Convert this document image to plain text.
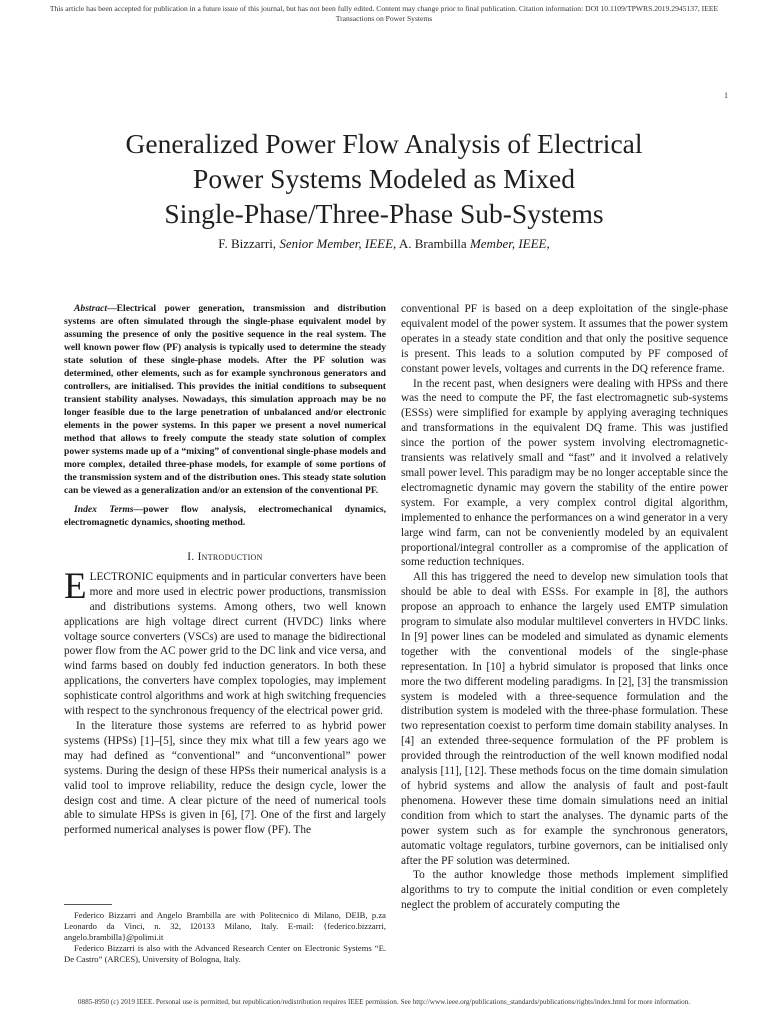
This article has been accepted for publication in a future issue of this journal, but has not been fully edited. Content may change prior to final publication. Citation information: DOI 10.1109/TPWRS.2019.2945137, IEEE Transactions on Power Systems
1
Generalized Power Flow Analysis of Electrical
Power Systems Modeled as Mixed
Single-Phase/Three-Phase Sub-Systems
F. Bizzarri, Senior Member, IEEE, A. Brambilla Member, IEEE,

Abstract—Electrical power generation, transmission and distribution systems are often simulated through the single-phase equivalent model by assuming the presence of only the positive sequence in the real system. The well known power flow (PF) analysis is typically used to determine the steady state solution of these single-phase models. After the PF solution was determined, other elements, such as for example synchronous generators and controllers, are initialised. This provides the initial conditions to subsequent transient stability analyses. Nowadays, this simulation approach may be no longer feasible due to the large penetration of unbalanced and/or electronic elements in the power systems. In this paper we present a novel numerical method that allows to freely compute the steady state solution of complex power systems made up of a “mixing” of conventional single-phase models and more complex, detailed three-phase models, for example of some portions of the transmission system and of the distribution ones. This steady state solution can be viewed as a generalization and/or an extension of the conventional PF.

Index Terms—power flow analysis, electromechanical dynamics, electromagnetic dynamics, shooting method.

I. Introduction

ELECTRONIC equipments and in particular converters have been more and more used in electric power productions, transmission and distributions systems. Among others, two well known applications are high voltage direct current (HVDC) links where voltage source converters (VSCs) are used to manage the bidirectional power flow from the AC power grid to the DC link and vice versa, and wind farms based on doubly fed induction generators. In both these applications, the converters have complex topologies, may implement sophisticate control algorithms and work at high switching frequencies with respect to the synchronous frequency of the electrical power grid.

In the literature those systems are referred to as hybrid power systems (HPSs) [1]–[5], since they mix what till a few years ago we may had defined as “conventional” and “unconventional” power systems. During the design of these HPSs their numerical analysis is a valid tool to improve reliability, reduce the design cycle, lower the design cost and time. A clear picture of the need of numerical tools able to simulate HPSs is given in [6], [7]. One of the first and largely performed numerical analyses is power flow (PF). The

Federico Bizzarri and Angelo Brambilla are with Politecnico di Milano, DEIB, p.za Leonardo da Vinci, n. 32, I20133 Milano, Italy. E-mail: {federico.bizzarri, angelo.brambilla}@polimi.it

Federico Bizzarri is also with the Advanced Research Center on Electronic Systems “E. De Castro” (ARCES), University of Bologna, Italy.

conventional PF is based on a deep exploitation of the single-phase equivalent model of the power system. It assumes that the power system operates in a steady state condition and that only the positive sequence is present. This leads to a solution computed by PF composed of constant power levels, voltages and currents in the DQ reference frame.

In the recent past, when designers were dealing with HPSs and there was the need to compute the PF, the fast electromagnetic sub-systems (ESSs) were simplified for example by applying averaging techniques and transformations in the equivalent DQ frame. This was justified since the portion of the power system involving electromagnetic-transients was relatively small and “fast” and it involved a relatively small power level. This paradigm may be no longer acceptable since the electromagnetic dynamic may govern the stability of the entire power system. For example, a very complex control digital algorithm, implemented to enhance the performances on a wind generator in a very large wind farm, can not be conveniently modeled by an equivalent proportional/integral controller as a compromise of the application of some reduction techniques.

All this has triggered the need to develop new simulation tools that should be able to deal with ESSs. For example in [8], the authors propose an approach to enhance the largely used EMTP simulation program to simulate also modular multilevel converters in HVDC links. In [9] power lines can be modeled and simulated as dynamic elements together with the conventional models of the single-phase representation. In [10] a hybrid simulator is proposed that links once more the two different modeling paradigms. In [2], [3] the transmission system is modeled with a three-sequence formulation and the distribution system is modeled with the three-phase formulation. These two representation coexist to perform time domain stability analyses. In [4] an extended three-sequence formulation of the PF problem is provided through the reintroduction of the well known modified nodal analysis [11], [12]. These methods focus on the time domain simulation of hybrid systems and allow the analysis of fault and post-fault phenomena. However these time domain simulations need an initial condition from which to start the analyses. The dynamic parts of the power system such as for example the synchronous generators, automatic voltage regulators, turbine governors, can be initialised only after the PF solution was determined.

To the author knowledge those methods implement simplified algorithms to try to compute the initial condition or even completely neglect the problem of accurately computing the

0885-8950 (c) 2019 IEEE. Personal use is permitted, but republication/redistribution requires IEEE permission. See http://www.ieee.org/publications_standards/publications/rights/index.html for more information.
